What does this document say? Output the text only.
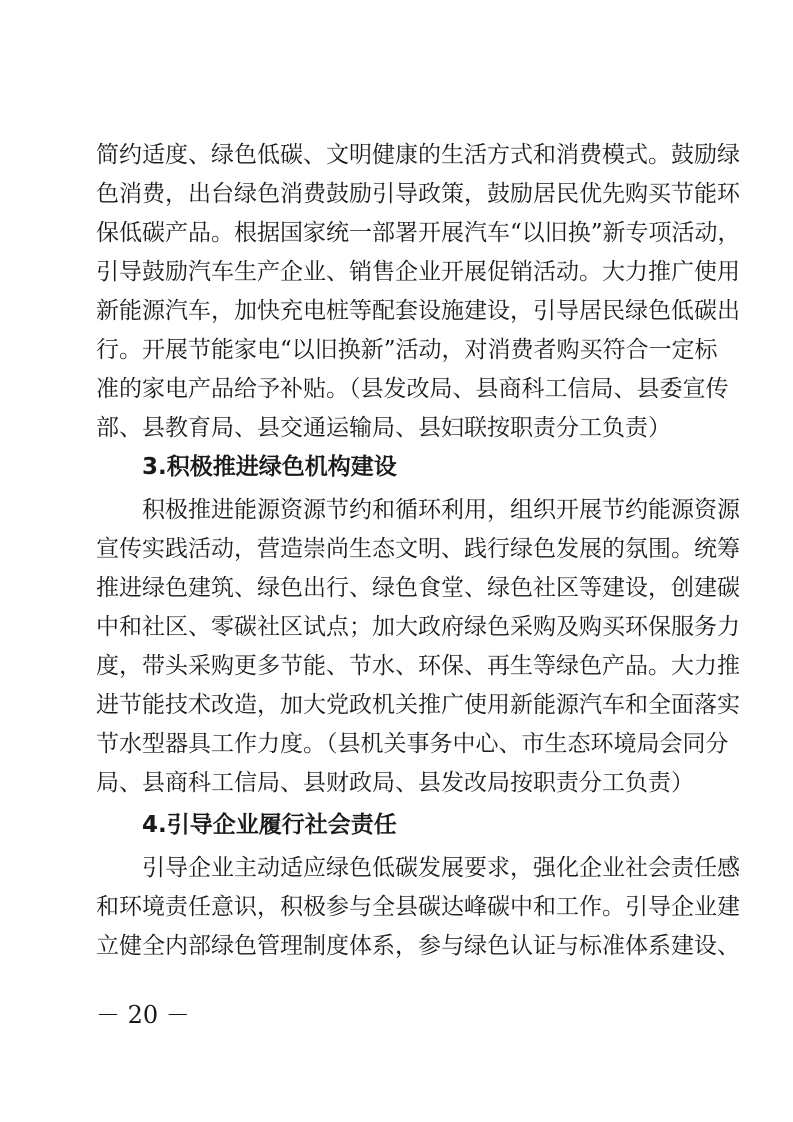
简约适度、绿色低碳、文明健康的生活方式和消费模式。鼓励绿
色消费，出台绿色消费鼓励引导政策，鼓励居民优先购买节能环
保低碳产品。根据国家统一部署开展汽车“以旧换”新专项活动，
引导鼓励汽车生产企业、销售企业开展促销活动。大力推广使用
新能源汽车，加快充电桩等配套设施建设，引导居民绿色低碳出
行。开展节能家电“以旧换新”活动，对消费者购买符合一定标
准的家电产品给予补贴。（县发改局、县商科工信局、县委宣传
部、县教育局、县交通运输局、县妇联按职责分工负责）
3.积极推进绿色机构建设
积极推进能源资源节约和循环利用，组织开展节约能源资源
宣传实践活动，营造崇尚生态文明、践行绿色发展的氛围。统筹
推进绿色建筑、绿色出行、绿色食堂、绿色社区等建设，创建碳
中和社区、零碳社区试点；加大政府绿色采购及购买环保服务力
度，带头采购更多节能、节水、环保、再生等绿色产品。大力推
进节能技术改造，加大党政机关推广使用新能源汽车和全面落实
节水型器具工作力度。（县机关事务中心、市生态环境局会同分
局、县商科工信局、县财政局、县发改局按职责分工负责）
4.引导企业履行社会责任
引导企业主动适应绿色低碳发展要求，强化企业社会责任感
和环境责任意识，积极参与全县碳达峰碳中和工作。引导企业建
立健全内部绿色管理制度体系，参与绿色认证与标准体系建设、
－ 20 －
